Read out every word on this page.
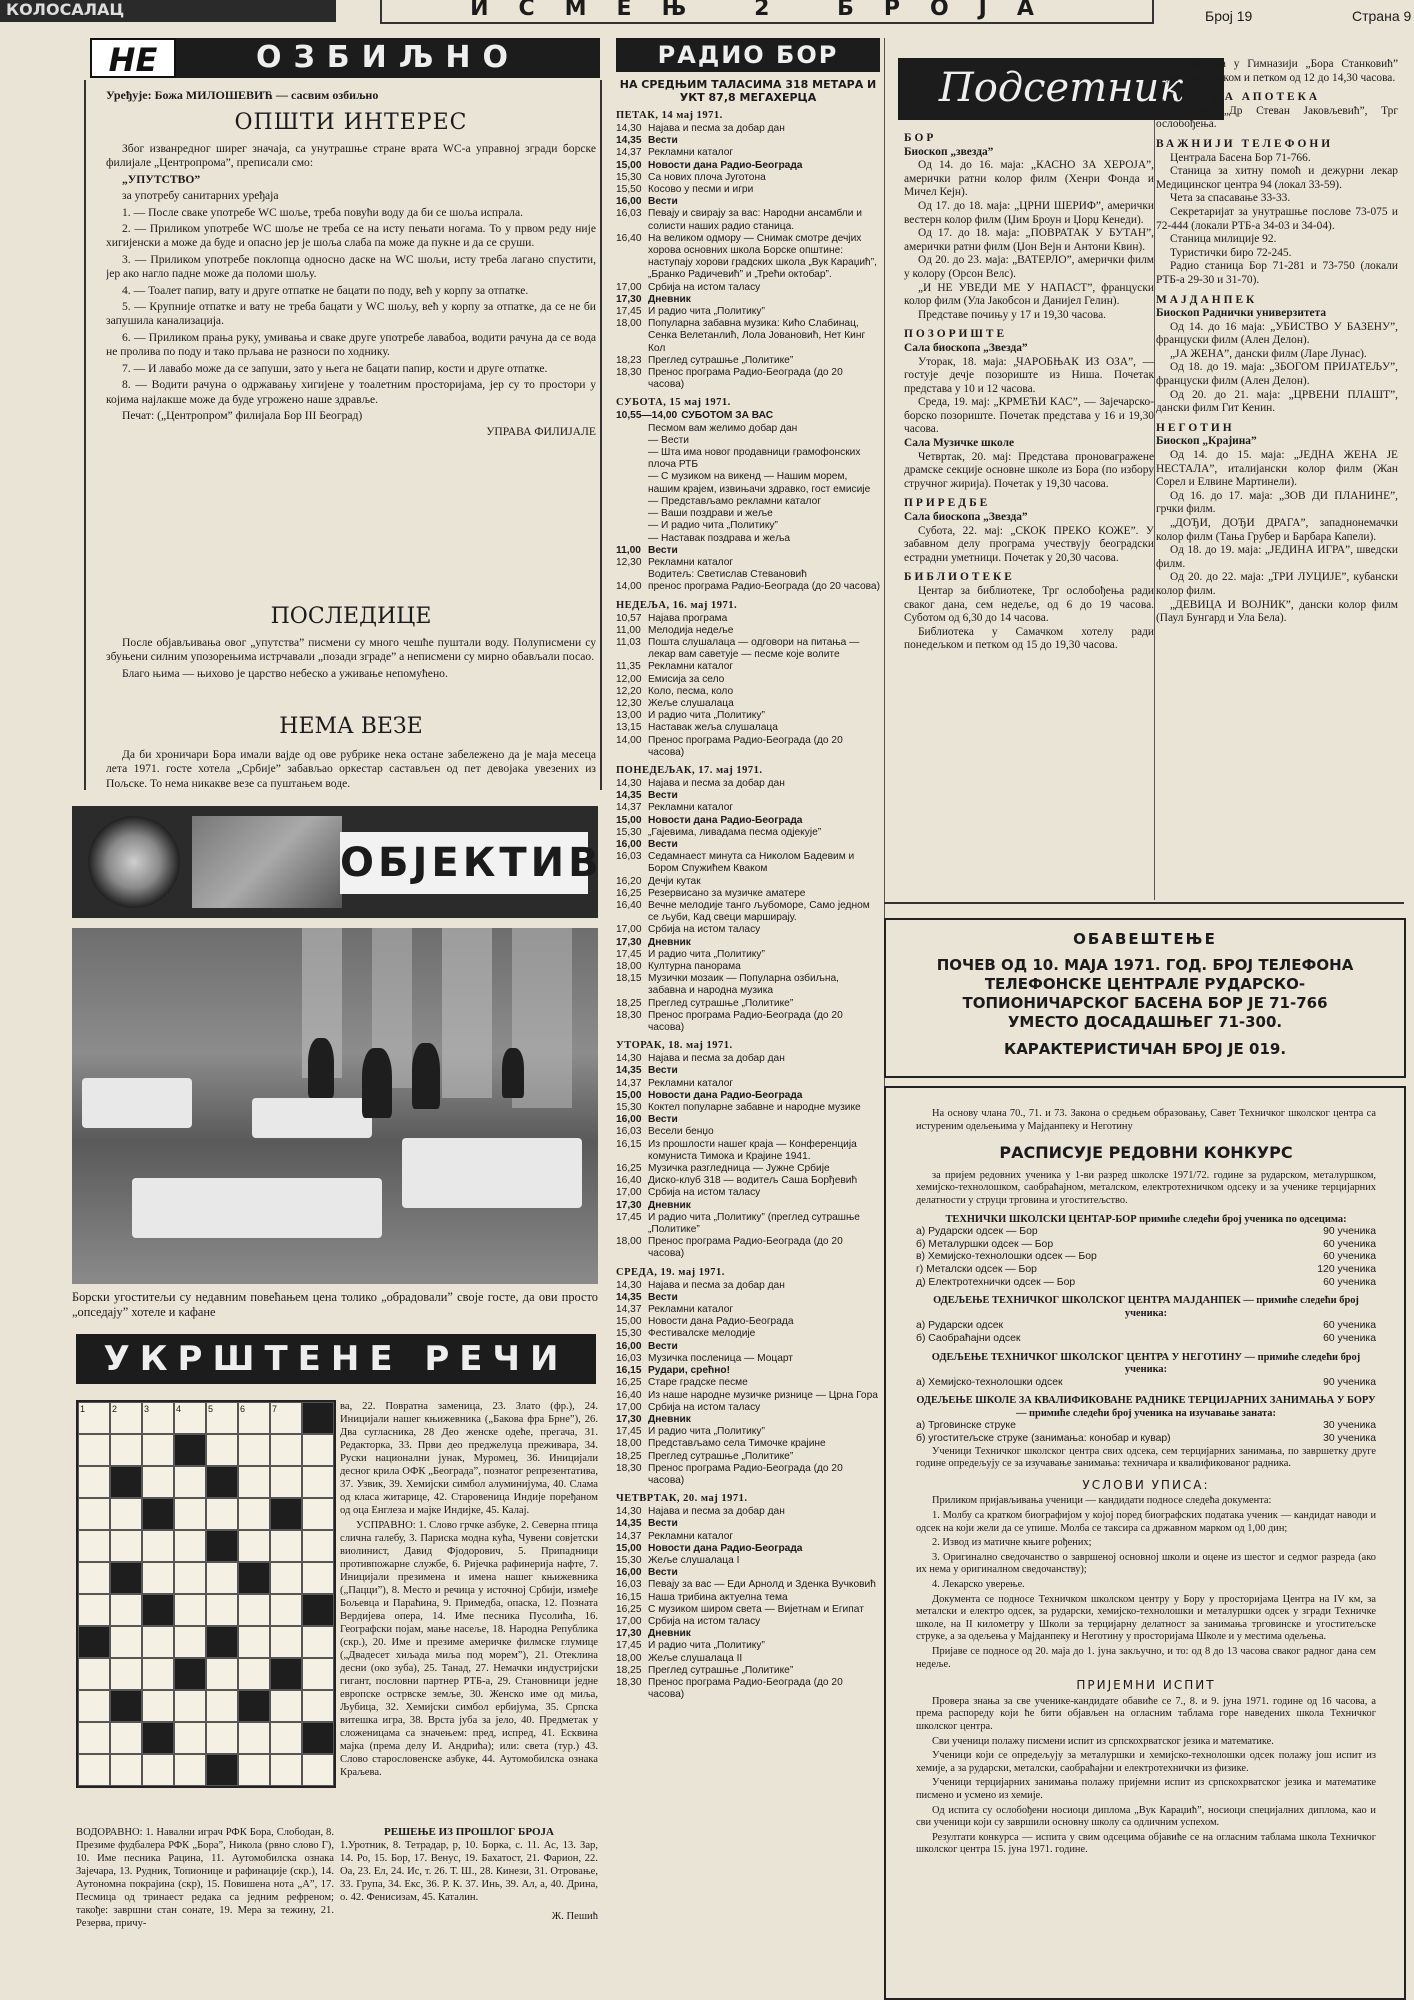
КОЛОСАЛАЦ	ИСМЕЊ 2 БРОЈА	Број 19	Страна 9
НЕ	ОЗБИЉНО
Уређује: Божа МИЛОШЕВИЋ — сасвим озбиљно
ОПШТИ ИНТЕРЕС

Због изванредног ширег значаја, са унутрашње стране врата WC-а управној згради борске филијале „Центропрома”, преписали смо:

„УПУТСТВО”

за употребу санитарних уређаја

1. — После сваке употребе WC шоље, треба повући воду да би се шоља испрала.

2. — Приликом употребе WC шоље не треба се на исту пењати ногама. То у првом реду није хигијенски а може да буде и опасно јер је шоља слаба па може да пукне и да се сруши.

3. — Приликом употребе поклопца односно даске на WC шољи, исту треба лагано спустити, јер ако нагло падне може да поломи шољу.

4. — Тоалет папир, вату и друге отпатке не бацати по поду, већ у корпу за отпатке.

5. — Крупније отпатке и вату не треба бацати у WC шољу, већ у корпу за отпатке, да се не би запушила канализација.

6. — Приликом прања руку, умивања и сваке друге употребе лавабоа, водити рачуна да се вода не пролива по поду и тако прљава не разноси по ходнику.

7. — И лавабо може да се запуши, зато у њега не бацати папир, кости и друге отпатке.

8. — Водити рачуна о одржавању хигијене у тоалетним просторијама, јер су то простори у којима најлакше може да буде угрожено наше здравље.

Печат: („Центропром” филијала Бор III Београд)

УПРАВА ФИЛИЈАЛЕ

ПОСЛЕДИЦЕ

После објављивања овог „упутства” писмени су много чешће пуштали воду. Полуписмени су збуњени силним упозорењима истрчавали „позади зграде” а неписмени су мирно обављали посао.

Благо њима — њихово је царство небеско а уживање непомућено.

НЕМА ВЕЗЕ

Да би хроничари Бора имали вајде од ове рубрике нека остане забележено да је маја месеца лета 1971. госте хотела „Србије” забављао оркестар састављен од пет девојака увезених из Пољске. То нема никакве везе са пуштањем воде.

ОБЈЕКТИВ
Борски угоститељи су недавним повећањем цена толико „обрадовали” своје госте, да ови просто „опседају” хотеле и кафане
УКРШТЕНЕ РЕЧИ
1	2	3	4	5	6	7	ва, 22. Повратна заменица, 23. Злато (фр.), 24. Иницијали нашег књижевника („Бакова фра Брне”), 26. Два сугласника, 28 Део женске одеће, прегача, 31. Редакторка, 33. Први део преджелуца преживара, 34. Руски национални јунак, Муромец, 36. Иницијали десног крила ОФК „Београда”, познатог репрезентатива, 37. Узвик, 39. Хемијски симбол алуминијума, 40. Слама од класа житарице, 42. Старовеница Индије поређаном од оца Енглеза и мајке Индијке, 45. Калај.

УСПРАВНО: 1. Слово грчке азбуке, 2. Северна птица слична галебу, 3. Париска модна кућа, Чувени совјетски виолинист, Давид Фјодорович, 5. Припадници противпожарне службе, 6. Ријечка рафинерија нафте, 7. Иницијали презимена и имена нашег књижевника („Пацци”), 8. Место и речица у источној Србији, измеђе Бољевца и Параћина, 9. Примедба, опаска, 12. Позната Вердијева опера, 14. Име песника Пусолића, 16. Географски појам, мање насеље, 18. Народна Република (скр.), 20. Име и презиме америчке филмске глумице („Двадесет хиљада миља под морем”), 21. Отеклина десни (око зуба), 25. Танад, 27. Немачки индустријски гигант, пословни партнер РТБ-а, 29. Становници једне европске острвске земље, 30. Женско име од миља, Љубица, 32. Хемијски симбол ербијума, 35. Српска витешка игра, 38. Врста јуба за јело, 40. Предметак у сложеницама са значењем: пред, испред, 41. Есквина мајка (према делу И. Андрића); или: света (тур.) 43. Слово старословенске азбуке, 44. Аутомобилска ознака Краљева.

ВОДОРАВНО: 1. Навални играч РФК Бора, Слободан, 8. Презиме фудбалера РФК „Бора”, Никола (рвно слово Г), 10. Име песника Рацина, 11. Аутомобилска ознака Зајечара, 13. Рудник, Топионице и рафинације (скр.), 14. Аутономна покрајина (скр), 15. Повишена нота „А”, 17. Песмица од тринаест редака са једним рефреном; такође: завршни стан сонате, 19. Мера за тежину, 21. Резерва, причу-
РЕШЕЊЕ ИЗ ПРОШЛОГ БРОЈА
1.Уротник, 8. Тетрадар, р, 10. Борка, с. 11. Ас, 13. Зар, 14. Ро, 15. Бор, 17. Венус, 19. Бахатост, 21. Фарион, 22. Оа, 23. Ел, 24. Ис, т. 26. Т. Ш., 28. Кинези, 31. Отровање, 33. Група, 34. Екс, 36. Р. К. 37. Инь, 39. Ал, а, 40. Дрина, о. 42. Фенисизам, 45. Каталин.
Ж. Пешић
РАДИО БОР
НА СРЕДЊИМ ТАЛАСИМА 318 МЕТАРА И УКТ 87,8 МЕГАХЕРЦА
ПЕТАК, 14 мај 1971.
14,30 Најава и песма за добар дан
14,35 Вести
14,37 Рекламни каталог
15,00 Новости дана Радио-Београда
15,30 Са нових плоча Југотона
15,50 Косово у песми и игри
16,00 Вести
16,03 Певају и свирају за вас: Народни ансамбли и солисти наших радио станица.
16,40 На великом одмору — Снимак смотре дечјих хорова основних школа Борске општине: наступају хорови градских школа „Вук Караџић”, „Бранко Радичевић” и „Трећи октобар”.
17,00 Србија на истом таласу
17,30 Дневник
17,45 И радио чита „Политику”
18,00 Популарна забавна музика: Кићо Слабинац, Сенка Велетанлић, Лола Јовановић, Нет Кинг Кол
18,23 Преглед сутрашње „Политике”
18,30 Пренос програма Радио-Београда (до 20 часова)
СУБОТА, 15 мај 1971.
10,55—14,00 СУБОТОМ ЗА ВАС
Песмом вам желимо добар дан
— Вести
— Шта има новог продавници грамофонских плоча РТБ
— С музиком на викенд — Нашим морем, нашим крајем, извињачи здравко, гост емисије
— Представљамо рекламни каталог
— Ваши поздрави и жеље
— И радио чита „Политику”
— Наставак поздрава и жеља
11,00 Вести
12,30 Рекламни каталог
Водитељ: Светислав Стевановић
14,00 пренос програма Радио-Београда (до 20 часова)
НЕДЕЉА, 16. мај 1971.
10,57 Најава програма
11,00 Мелодија недеље
11,03 Пошта слушалаца — одговори на питања — лекар вам саветује — песме које волите
11,35 Рекламни каталог
12,00 Емисија за село
12,20 Коло, песма, коло
12,30 Жеље слушалаца
13,00 И радио чита „Политику”
13,15 Наставак жеља слушалаца
14,00 Пренос програма Радио-Београда (до 20 часова)
ПОНЕДЕЉАК, 17. мај 1971.
14,30 Најава и песма за добар дан
14,35 Вести
14,37 Рекламни каталог
15,00 Новости дана Радио-Београда
15,30 „Гајевима, ливадама песма одјекује”
16,00 Вести
16,03 Седамнаест минута са Николом Бадевим и Бором Спужићем Кваком
16,20 Дечји кутак
16,25 Резервисано за музичке аматере
16,40 Вечне мелодије танго љубоморе, Само једном се љуби, Кад свеци марширају.
17,00 Србија на истом таласу
17,30 Дневник
17,45 И радио чита „Политику”
18,00 Културна панорама
18,15 Музички мозаик — Популарна озбиљна, забавна и народна музика
18,25 Преглед сутрашње „Политике”
18,30 Пренос програма Радио-Београда (до 20 часова)
УТОРАК, 18. мај 1971.
14,30 Најава и песма за добар дан
14,35 Вести
14,37 Рекламни каталог
15,00 Новости дана Радио-Београда
15,30 Коктел популарне забавне и народне музике
16,00 Вести
16,03 Весели бенџо
16,15 Из прошлости нашег краја — Конференција комуниста Тимока и Крајине 1941.
16,25 Музичка разгледница — Јужне Србије
16,40 Диско-клуб 318 — водитељ Саша Борђевић
17,00 Србија на истом таласу
17,30 Дневник
17,45 И радио чита „Политику” (преглед сутрашње „Политике”
18,00 Пренос програма Радио-Београда (до 20 часова)
СРЕДА, 19. мај 1971.
14,30 Најава и песма за добар дан
14,35 Вести
14,37 Рекламни каталог
15,00 Новости дана Радио-Београда
15,30 Фестивалске мелодије
16,00 Вести
16,03 Музичка посленица — Моцарт
16,15 Рудари, срећно!
16,25 Старе градске песме
16,40 Из наше народне музичке ризнице — Црна Гора
17,00 Србија на истом таласу
17,30 Дневник
17,45 И радио чита „Политику”
18,00 Представљамо села Тимочке крајине
18,25 Преглед сутрашње „Политике”
18,30 Пренос програма Радио-Београда (до 20 часова)
ЧЕТВРТАК, 20. мај 1971.
14,30 Најава и песма за добар дан
14,35 Вести
14,37 Рекламни каталог
15,00 Новости дана Радио-Београда
15,30 Жеље слушалаца I
16,00 Вести
16,03 Певају за вас — Еди Арнолд и Зденка Вучковић
16,15 Наша трибина актуелна тема
16,25 С музиком широм света — Вијетнам и Египат
17,00 Србија на истом таласу
17,30 Дневник
17,45 И радио чита „Политику”
18,00 Жеље слушалаца II
18,25 Преглед сутрашње „Политике”
18,30 Пренос програма Радио-Београда (до 20 часова)
Подсетник
БОР
Биоскоп „звезда”
Од 14. до 16. маја: „КАСНО ЗА ХЕРОЈА”, амерички ратни колор филм (Хенри Фонда и Мичел Кејн).
Од 17. до 18. маја: „ЦРНИ ШЕРИФ”, амерички вестерн колор филм (Џим Броун и Џорџ Кенеди).
Од 17. до 18. маја: „ПОВРАТАК У БУТАН”, амерички ратни филм (Џон Вејн и Антони Квин).
Од 20. до 23. маја: „ВАТЕРЛО”, амерички филм у колору (Орсон Велс).
„И НЕ УВЕДИ МЕ У НАПАСТ”, француски колор филм (Ула Јакобсон и Данијел Гелин).
Представе почињу у 17 и 19,30 часова.
ПОЗОРИШТЕ
Сала биоскопа „Звезда”
Уторак, 18. маја: „ЧАРОБЊАК ИЗ ОЗА”, — гостује дечје позориште из Ниша. Почетак представа у 10 и 12 часова.
Среда, 19. мај: „КРМЕЋИ КАС”, — Зајечарско-борско позориште. Почетак представа у 16 и 19,30 часова.
Сала Музичке школе
Четвртак, 20. мај: Представа проновагражене драмске секције основне школе из Бора (по избору стручног жирија). Почетак у 19,30 часова.
ПРИРЕДБЕ
Сала биоскопа „Звезда”
Субота, 22. мај: „СКОК ПРЕКО КОЖЕ”. У забавном делу програма учествују београдски естрадни уметници. Почетак у 20,30 часова.
БИБЛИОТЕКЕ
Центар за библиотеке, Трг ослобођења ради сваког дана, сем недеље, од 6 до 19 часова. Суботом од 6,30 до 14 часова.
Библиотека у Самачком хотелу ради понедељком и петком од 15 до 19,30 часова.
Библиотека у Гимназији „Бора Станковић” ради понедељком и петком од 12 до 14,30 часова.
ДЕЖУРНА АПОТЕКА
Апотека „Др Стеван Јаковљевић”, Трг ослобођења.
ВАЖНИЈИ ТЕЛЕФОНИ
Централа Басена Бор 71-766.
Станица за хитну помоћ и дежурни лекар Медицинског центра 94 (локал 33-59).
Чета за спасавање 33-33.
Секретаријат за унутрашње послове 73-075 и 72-444 (локали РТБ-а 34-03 и 34-04).
Станица милиције 92.
Туристички биро 72-245.
Радио станица Бор 71-281 и 73-750 (локали РТБ-а 29-30 и 31-70).
МАЈДАНПЕК
Биоскоп Раднички универзитета
Од 14. до 16 маја: „УБИСТВО У БАЗЕНУ”, француски филм (Ален Делон).
„ЈА ЖЕНА”, дански филм (Ларе Лунас).
Од 18. до 19. маја: „ЗБОГОМ ПРИЈАТЕЉУ”, француски филм (Ален Делон).
Од 20. до 21. маја: „ЦРВЕНИ ПЛАШТ”, дански филм Гит Кенин.
НЕГОТИН
Биоскоп „Крајина”
Од 14. до 15. маја: „ЈЕДНА ЖЕНА ЈЕ НЕСТАЛА”, италијански колор филм (Жан Сорел и Елвине Мартинели).
Од 16. до 17. маја: „ЗОВ ДИ ПЛАНИНЕ”, грчки филм.
„ДОЂИ, ДОЂИ ДРАГА”, западнонемачки колор филм (Тања Грубер и Барбара Капели).
Од 18. до 19. маја: „ЈЕДИНА ИГРА”, шведски филм.
Од 20. до 22. маја: „ТРИ ЛУЦИЈЕ”, кубански колор филм.
„ДЕВИЦА И ВОЈНИК”, дански колор филм (Паул Бунгард и Ула Бела).
ОБАВЕШТЕЊЕ
ПОЧЕВ ОД 10. МАЈА 1971. ГОД. БРОЈ ТЕЛЕФОНА ТЕЛЕФОНСКЕ ЦЕНТРАЛЕ РУДАРСКО-ТОПИОНИЧАРСКОГ БАСЕНА БОР ЈЕ 71-766 УМЕСТО ДОСАДАШЊЕГ 71-300.
КАРАКТЕРИСТИЧАН БРОЈ ЈЕ 019.

На основу члана 70., 71. и 73. Закона о средњем образовању, Савет Техничког школског центра са истуреним одељењима у Мајданпеку и Неготину

РАСПИСУЈЕ РЕДОВНИ КОНКУРС

за пријем редовних ученика у 1-ви разред школске 1971/72. године за рударском, металуршком, хемијско-технолошком, саобраћајном, металском, електротехничком одсеку и за ученике терцијарних делатности у струци трговина и угоститељство.

ТЕХНИЧКИ ШКОЛСКИ ЦЕНТАР-БОР примиће следећи број ученика по одсецима:
а) Рударски одсек — Бор	90 ученика
б) Металуршки одсек — Бор	60 ученика
в) Хемијско-технолошки одсек — Бор	60 ученика
г) Металски одсек — Бор	120 ученика
д) Електротехнички одсек — Бор	60 ученика
ОДЕЉЕЊЕ ТЕХНИЧКОГ ШКОЛСКОГ ЦЕНТРА МАЈДАНПЕК — примиће следећи број ученика:
а) Рударски одсек	60 ученика
б) Саобраћајни одсек	60 ученика
ОДЕЉЕЊЕ ТЕХНИЧКОГ ШКОЛСКОГ ЦЕНТРА У НЕГОТИНУ — примиће следећи број ученика:
а) Хемијско-технолошки одсек	90 ученика
ОДЕЉЕЊЕ ШКОЛЕ ЗА КВАЛИФИКОВАНЕ РАДНИКЕ ТЕРЦИЈАРНИХ ЗАНИМАЊА У БОРУ — примиће следећи број ученика на изучавање заната:
а) Трговинске струке	30 ученика
б) угоститељске струке (занимања: конобар и кувар)	30 ученика

Ученици Техничког школског центра свих одсека, сем терцијарних занимања, по завршетку друге године опредељују се за изучавање занимања: техничара и квалификованог радника.

УСЛОВИ УПИСА:

Приликом пријављивања ученици — кандидати подносе следећа документа:

1. Молбу са кратком биографијом у којој поред биографских података ученик — кандидат наводи и одсек на који жели да се упише. Молба се таксира са државном марком од 1,00 дин;

2. Извод из матичне књиге рођених;

3. Оригинално сведочанство о завршеној основној школи и оцене из шестог и седмог разреда (ако их нема у оригиналном сведочанству);

4. Лекарско уверење.

Документа се подносе Техничком школском центру у Бору у просторијама Центра на IV км, за металски и електро одсек, за рударски, хемијско-технолошки и металуршки одсек у згради Техничке школе, на II километру у Школи за терцијарну делатност за занимања трговинске и угоститељске струке, а за одељења у Мајданпеку и Неготину у просторијама Школе и у местима одељења.

Пријаве се подносе од 20. маја до 1. јуна закључно, и то: од 8 до 13 часова сваког радног дана сем недеље.

ПРИЈЕМНИ ИСПИТ

Провера знања за све ученике-кандидате обавиће се 7., 8. и 9. јуна 1971. године од 16 часова, а према распореду који ће бити објављен на огласним таблама горе наведених школа Техничког школског центра.

Сви ученици полажу писмени испит из српскохрватског језика и математике.

Ученици који се опредељују за металуршки и хемијско-технолошки одсек полажу још испит из хемије, а за рударски, металски, саобраћајни и електротехнички из физике.

Ученици терцијарних занимања полажу приjемни испит из српскохрватског језика и математике писмено и усмено из хемије.

Од испита су ослобођени носиоци диплома „Вук Караџић”, носиоци специјалних диплома, као и сви ученици који су завршили основну школу са одличним успехом.

Резултати конкурса — испита у свим одсецима објавиће се на огласним таблама школа Техничког школског центра 15. јуна 1971. године.
